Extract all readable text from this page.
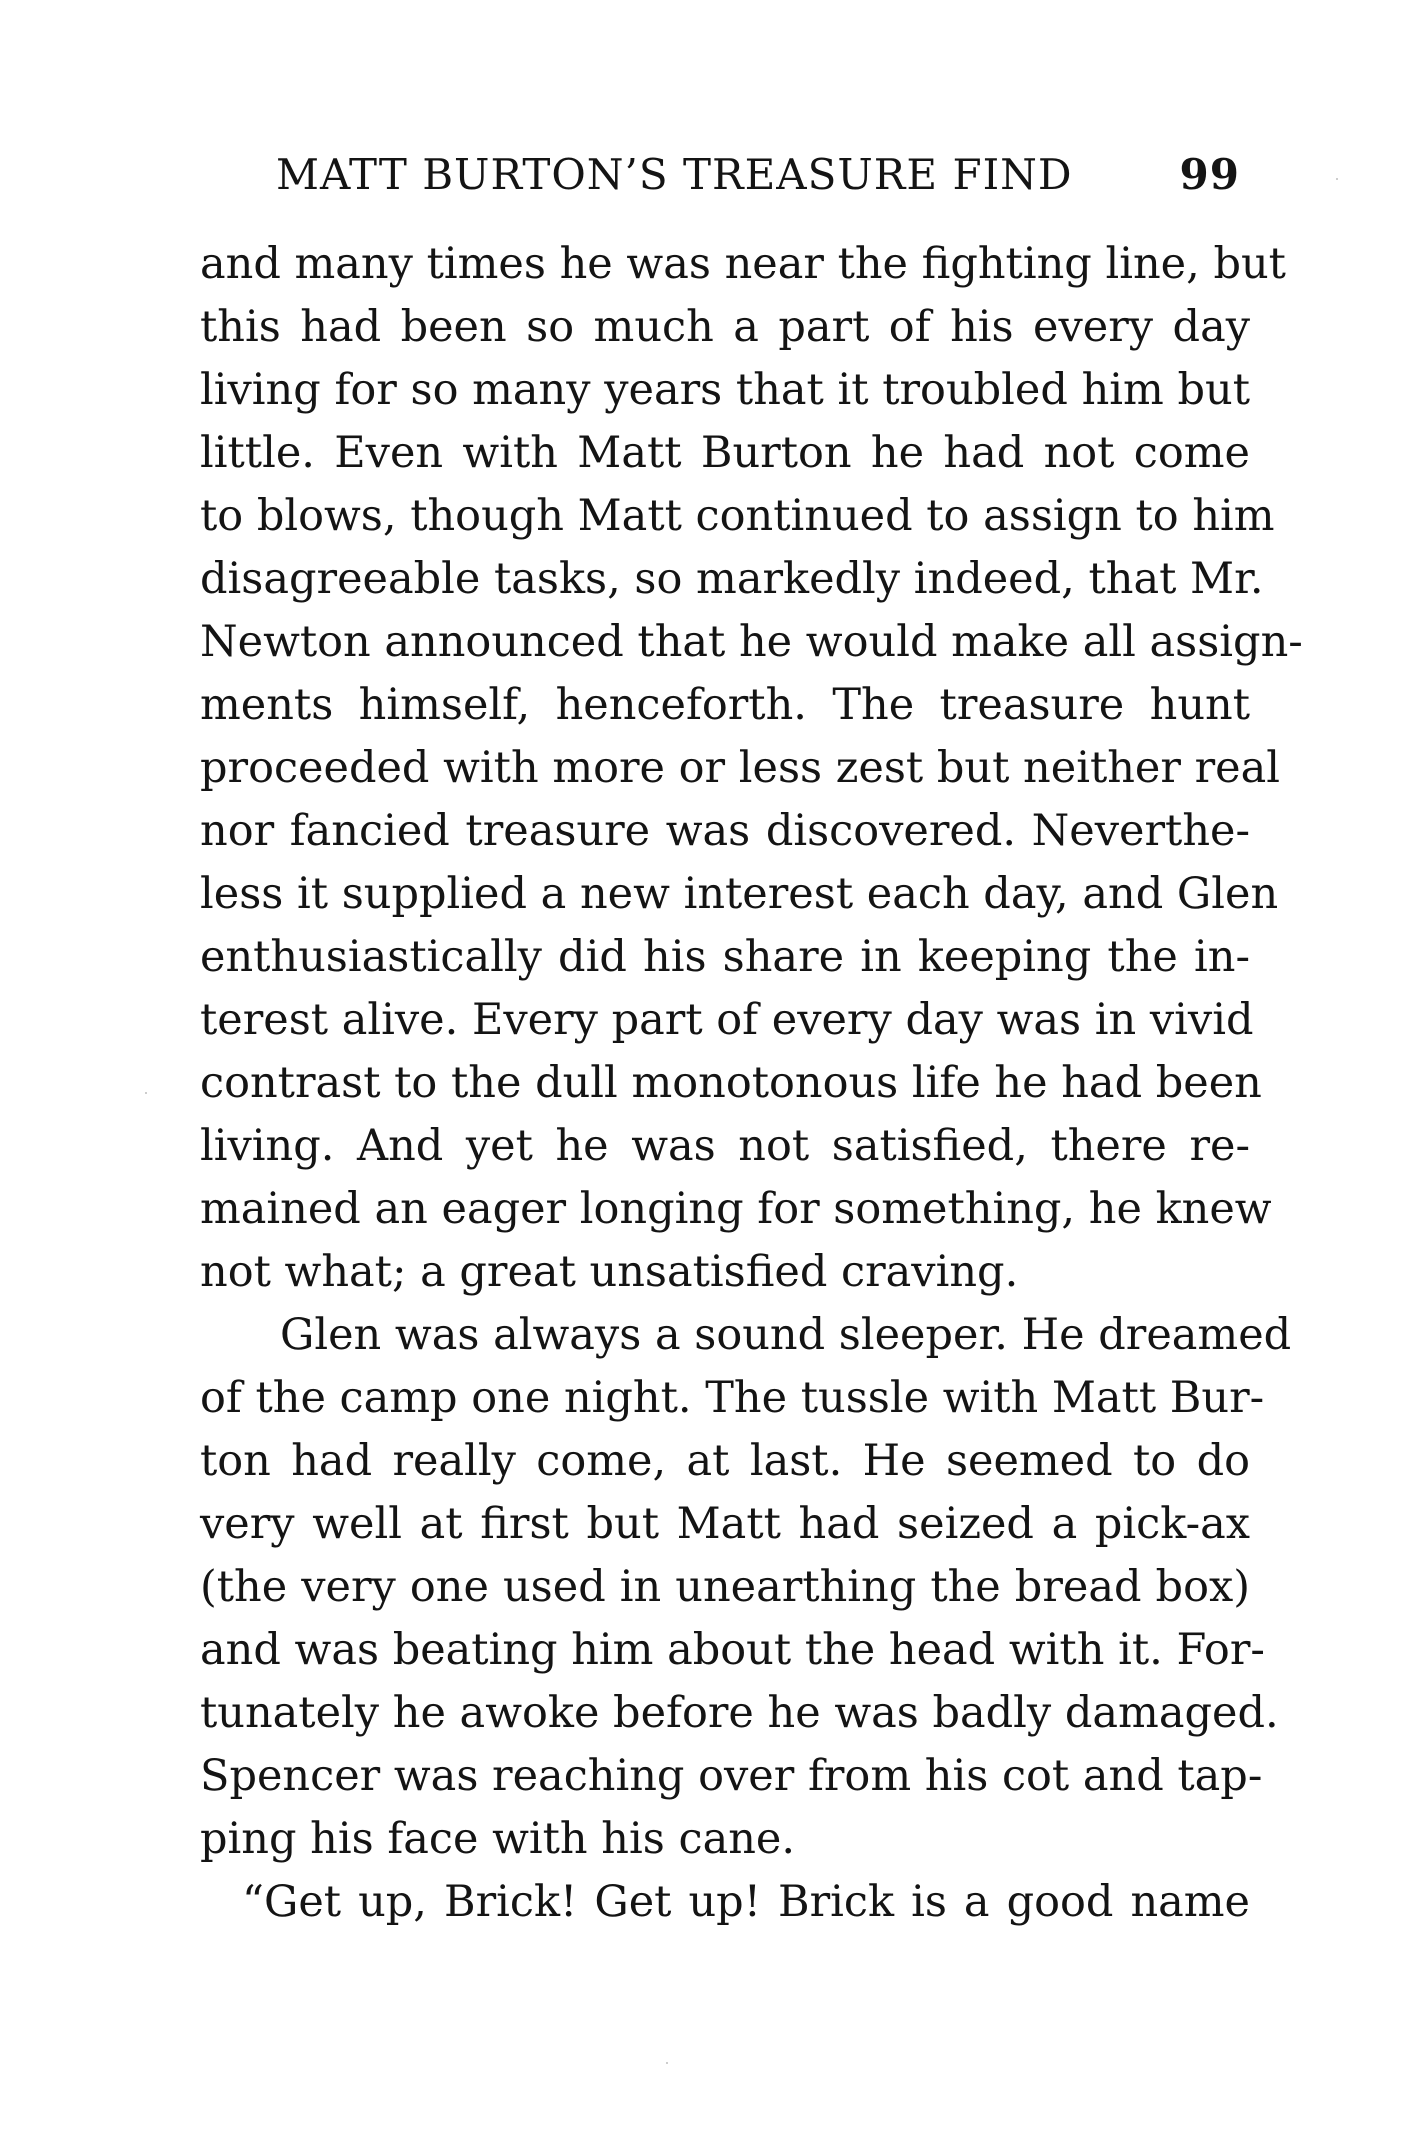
MATT BURTON’S TREASURE FIND	99
and many times he was near the fighting line, but
this had been so much a part of his every day
living for so many years that it troubled him but
little. Even with Matt Burton he had not come
to blows, though Matt continued to assign to him
disagreeable tasks, so markedly indeed, that Mr.
Newton announced that he would make all assign-
ments himself, henceforth. The treasure hunt
proceeded with more or less zest but neither real
nor fancied treasure was discovered. Neverthe-
less it supplied a new interest each day, and Glen
enthusiastically did his share in keeping the in-
terest alive. Every part of every day was in vivid
contrast to the dull monotonous life he had been
living. And yet he was not satisfied, there re-
mained an eager longing for something, he knew
not what; a great unsatisfied craving.
Glen was always a sound sleeper. He dreamed
of the camp one night. The tussle with Matt Bur-
ton had really come, at last. He seemed to do
very well at first but Matt had seized a pick-ax
(the very one used in unearthing the bread box)
and was beating him about the head with it. For-
tunately he awoke before he was badly damaged.
Spencer was reaching over from his cot and tap-
ping his face with his cane.
“Get up, Brick! Get up! Brick is a good name
